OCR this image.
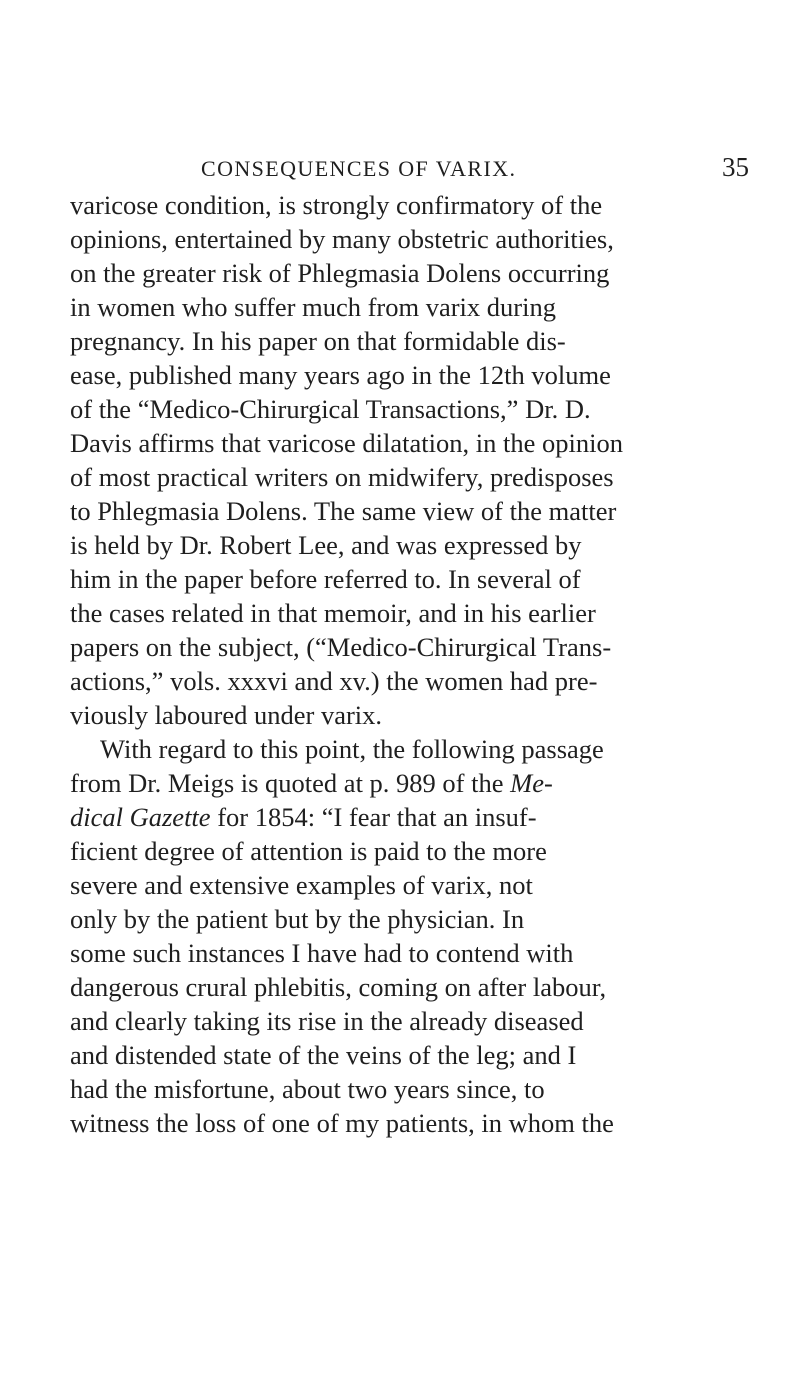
CONSEQUENCES OF VARIX.	35
varicose condition, is strongly confirmatory of the
opinions, entertained by many obstetric authorities,
on the greater risk of Phlegmasia Dolens occurring
in women who suffer much from varix during
pregnancy. In his paper on that formidable dis-
ease, published many years ago in the 12th volume
of the “Medico-Chirurgical Transactions,” Dr. D.
Davis affirms that varicose dilatation, in the opinion
of most practical writers on midwifery, predisposes
to Phlegmasia Dolens. The same view of the matter
is held by Dr. Robert Lee, and was expressed by
him in the paper before referred to. In several of
the cases related in that memoir, and in his earlier
papers on the subject, (“Medico-Chirurgical Trans-
actions,” vols. xxxvi and xv.) the women had pre-
viously laboured under varix.
With regard to this point, the following passage
from Dr. Meigs is quoted at p. 989 of the Me-
dical Gazette for 1854: “I fear that an insuf-
ficient degree of attention is paid to the more
severe and extensive examples of varix, not
only by the patient but by the physician. In
some such instances I have had to contend with
dangerous crural phlebitis, coming on after labour,
and clearly taking its rise in the already diseased
and distended state of the veins of the leg; and I
had the misfortune, about two years since, to
witness the loss of one of my patients, in whom the
